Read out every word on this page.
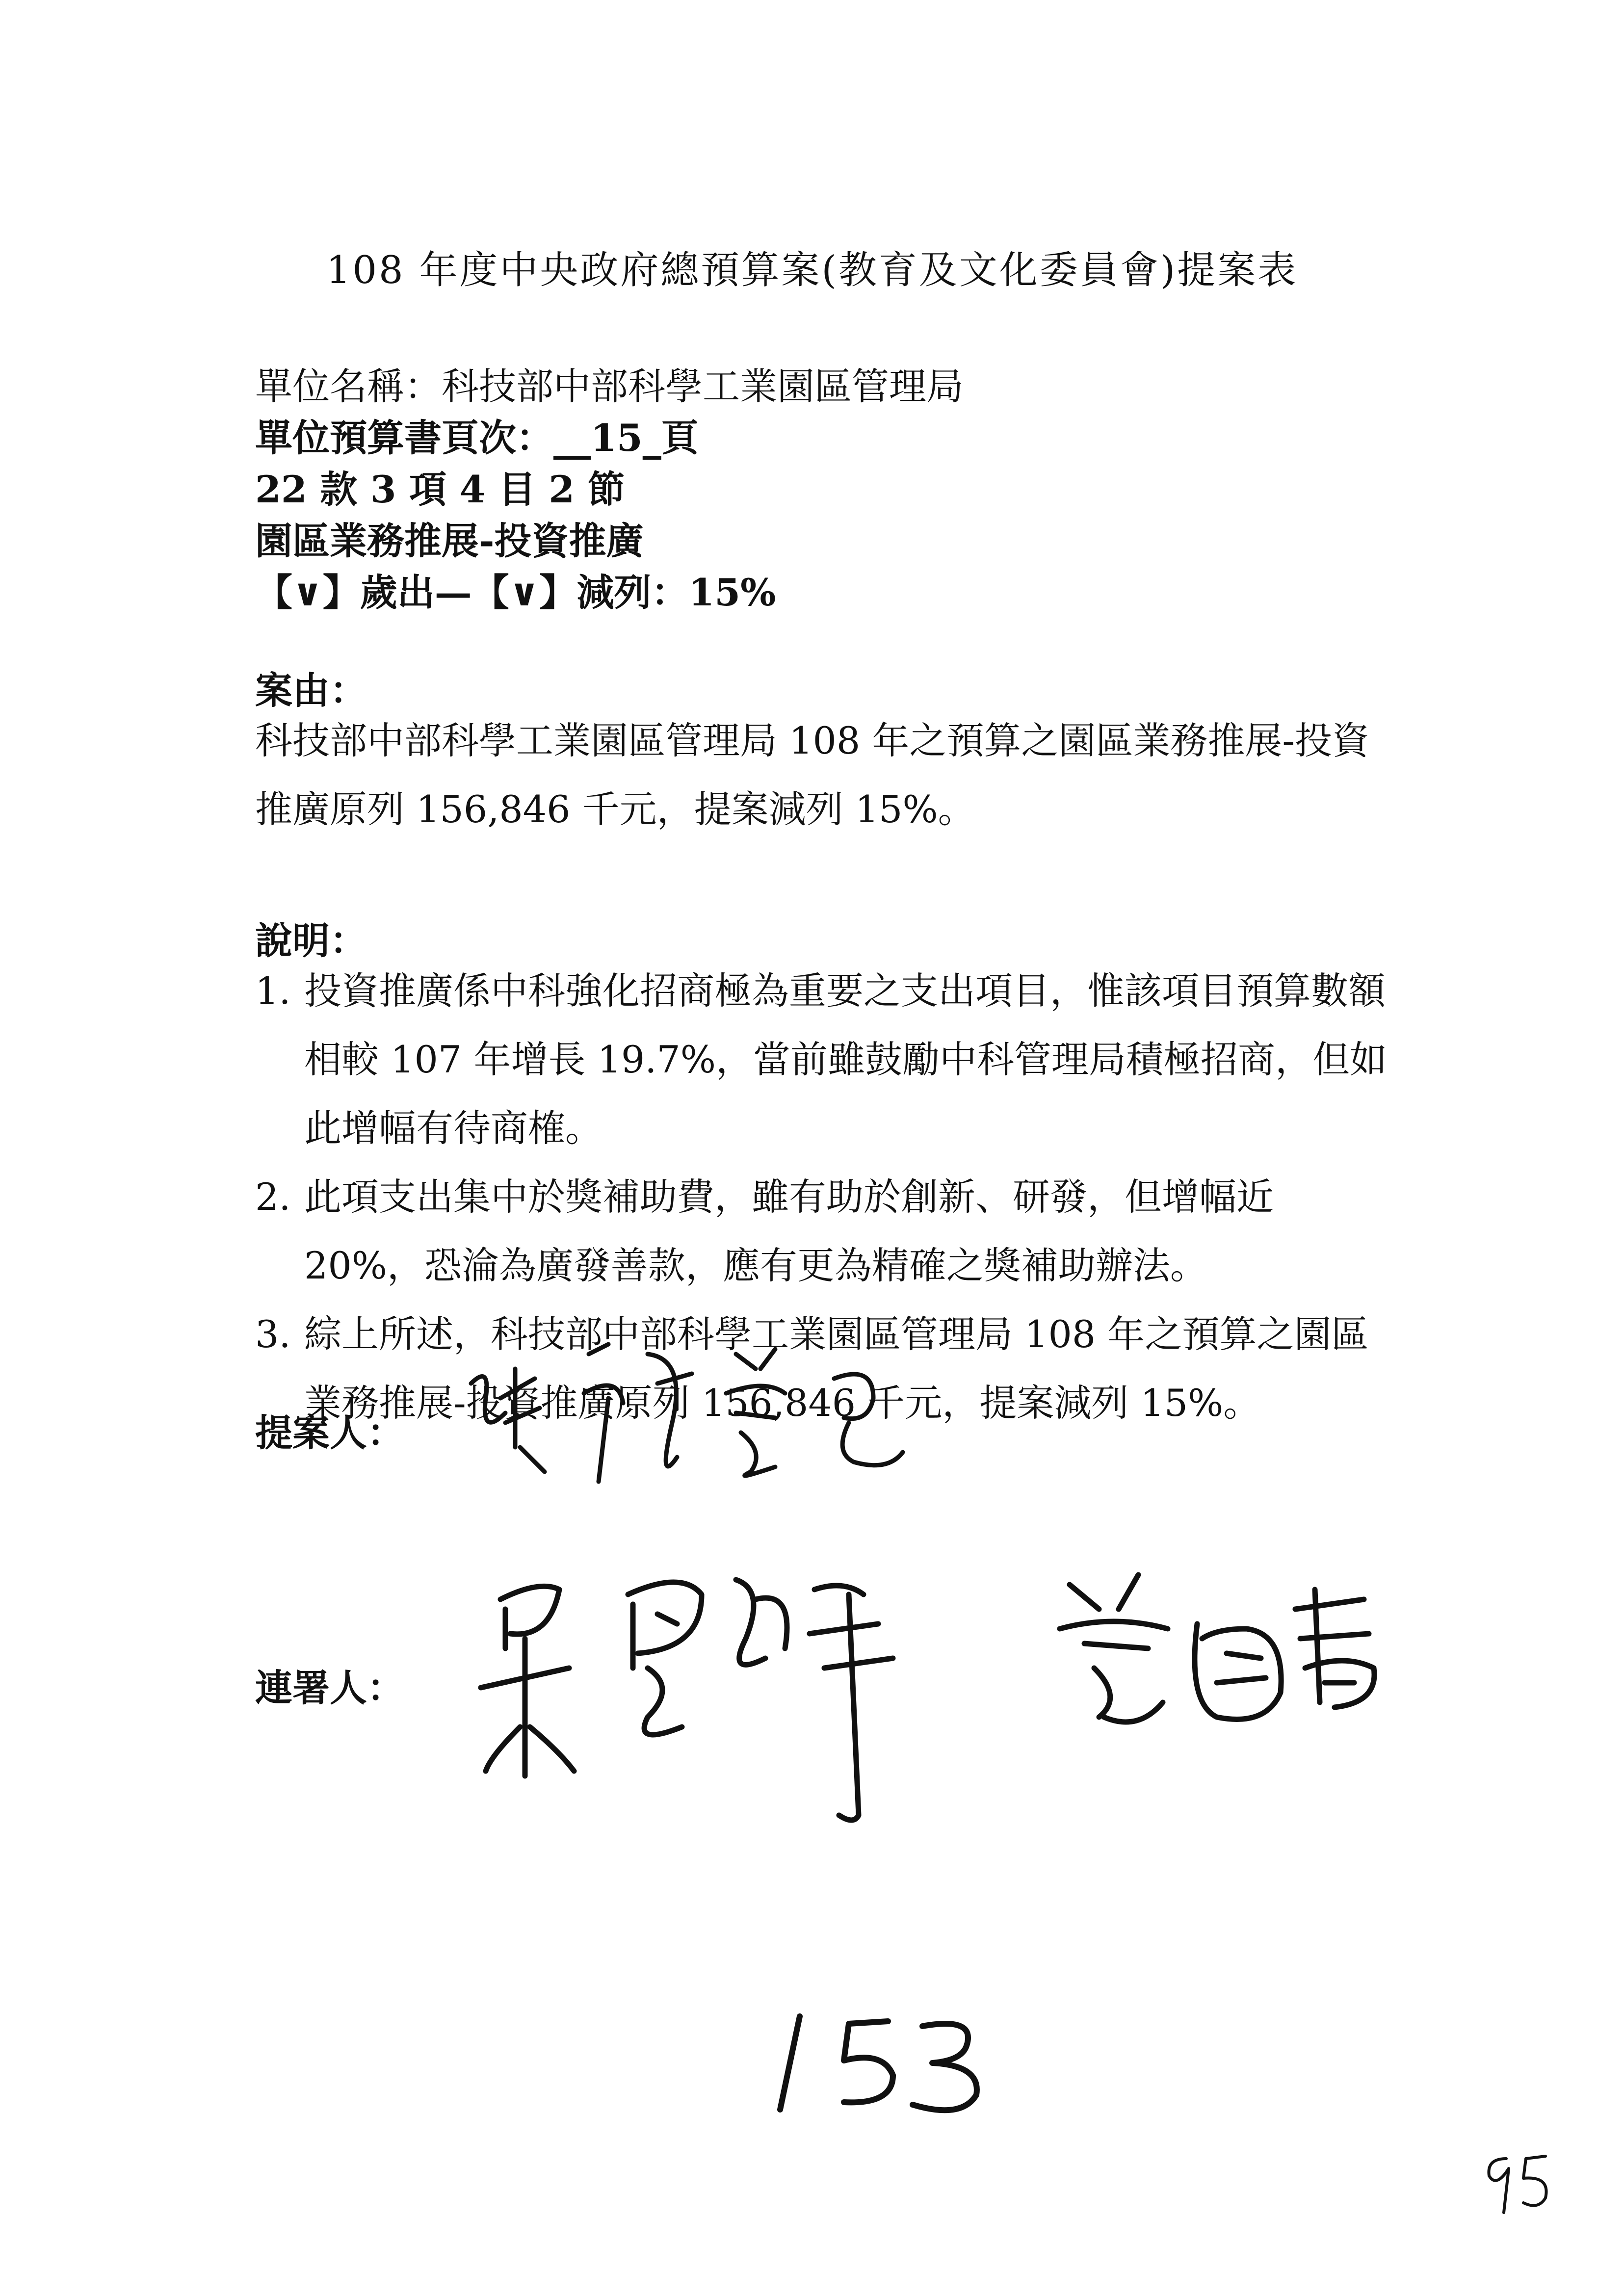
108 年度中央政府總預算案(教育及文化委員會)提案表
單位名稱：科技部中部科學工業園區管理局
單位預算書頁次：__15_頁
22 款 3 項 4 目 2 節
園區業務推展-投資推廣
【∨】歲出—【∨】減列：15%
案由：
科技部中部科學工業園區管理局 108 年之預算之園區業務推展-投資推廣原列 156,846 千元，提案減列 15%。
說明：
1. 投資推廣係中科強化招商極為重要之支出項目，惟該項目預算數額相較 107 年增長 19.7%，當前雖鼓勵中科管理局積極招商，但如此增幅有待商榷。
2. 此項支出集中於獎補助費，雖有助於創新、研發，但增幅近 20%，恐淪為廣發善款，應有更為精確之獎補助辦法。
3. 綜上所述，科技部中部科學工業園區管理局 108 年之預算之園區業務推展-投資推廣原列 156,846 千元，提案減列 15%。
提案人：
連署人：
